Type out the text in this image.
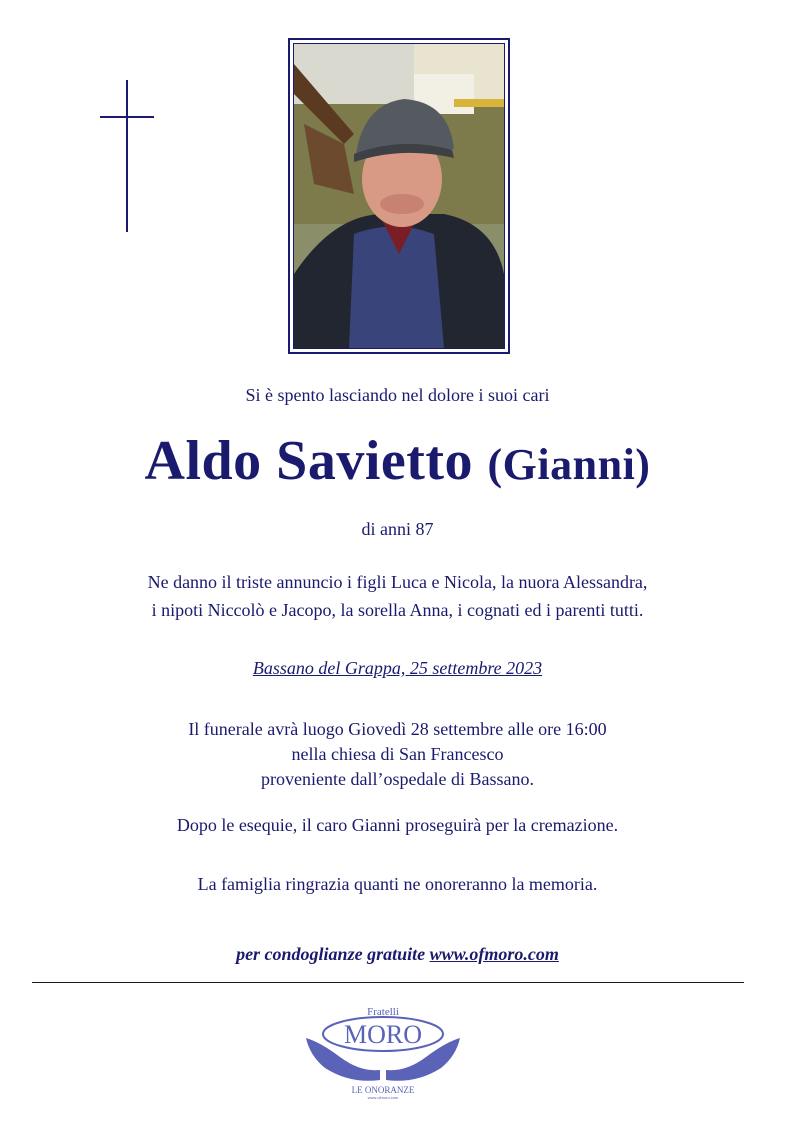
Si è spento lasciando nel dolore i suoi cari
Aldo Savietto (Gianni)
di anni 87
Ne danno il triste annuncio i figli Luca e Nicola, la nuora Alessandra,
i nipoti Niccolò e Jacopo, la sorella Anna, i cognati ed i parenti tutti.
Bassano del Grappa, 25 settembre 2023
Il funerale avrà luogo Giovedì 28 settembre alle ore 16:00
nella chiesa di San Francesco
proveniente dall’ospedale di Bassano.
Dopo le esequie, il caro Gianni proseguirà per la cremazione.
La famiglia ringrazia quanti ne onoreranno la memoria.
per condoglianze gratuite www.ofmoro.com
Fratelli
MORO
LE ONORANZE
www.ofmoro.com
